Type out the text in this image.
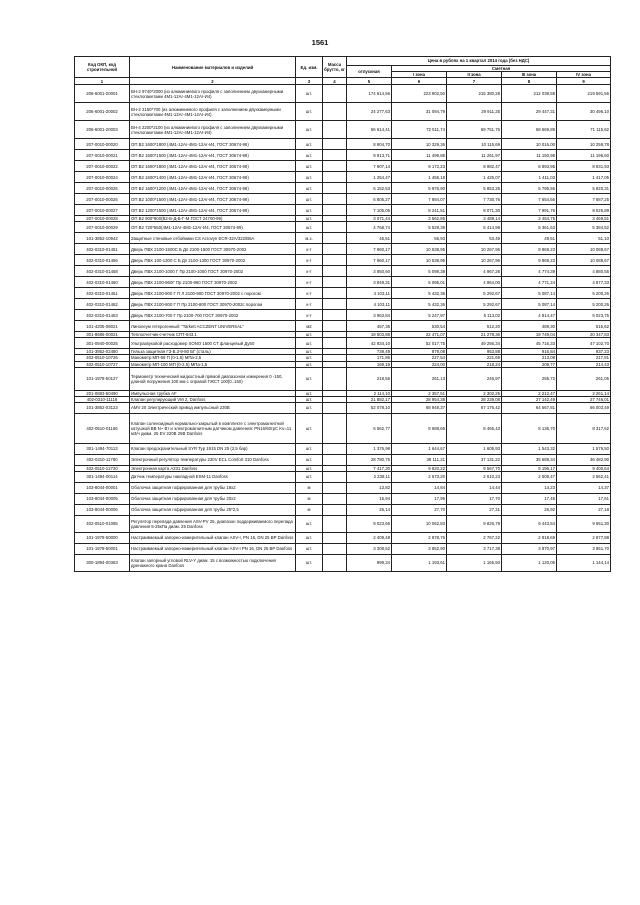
1561
Код ОКП, код строительной	Наименование материалов и изделий	Ед. изм.	Масса брутто, кг	Цена в рублях на 1 квартал 2014 года (без НДС)				
				отпускная	Сметная			
					I зона	II зона	III зона	IV зона
1	2	3	4	5	6	7	8	9
206-6001-20001	ВН-2 9740*2000 (из алюминиевого профиля с заполнением двухкамерными стеклопакетами 4М1-12Ar-4М1-12Ar-И4)	шт.		174 614,56	223 902,50	215 380,28	212 039,58	219 591,56
206-6001-20002	ВН-2 2150*700 (из алюминиевого профиля с заполнением двухкамерными стеклопакетами 4М1-12Ar-4М1-12Ar-И4)	шт.		24 277,63	31 094,79	29 911,25	29 447,31	30 496,10
206-6001-20003	ВН-4 2200*2100 (из алюминиевого профиля с заполнением двухкамерными стеклопакетами 4М1-12Ar-4М1-12Ar-И4)	шт.		56 614,41	72 511,74	69 751,76	68 669,89	71 115,62
207-0010-00020	ОП В2 1600*1800 (4М1-12Ar-4М1-12Ar-И4, ГОСТ 30674-99)	шт.		8 904,70	10 329,36	10 115,69	10 016,00	10 258,78
207-0010-00021	ОП В2 1600*1500 (4М1-12Ar-4М1-12Ar-И4, ГОСТ 30674-99)	шт.		9 913,71	11 499,88	11 261,97	11 150,98	11 196,60
207-0010-00022	ОП В2 1600*1800 (4М1-12Ar-4М1-12Ar-И4, ГОСТ 30674-99)	шт.		7 907,14	9 172,23	8 982,47	8 893,95	8 931,93
207-0010-00024	ОП В2 1600*1400 (4М1-12Ar-4М1-12Ar-И4, ГОСТ 30674-99)	шт.		1 254,47	1 455,18	1 425,07	1 411,03	1 417,05
207-0010-00025	ОП В2 1600*1200 (4М1-12Ar-4М1-12Ar-И4, ГОСТ 30674-99)	шт.		5 152,53	5 976,90	5 853,25	5 795,56	5 820,31
207-0010-00026	ОП В2 1000*1500 (4М1-12Ar-4М1-12Ar-И4, ГОСТ 30674-99)	шт.		6 805,27	7 894,07	7 730,76	7 654,56	7 687,25
207-0010-00027	ОП В2 1200*1500 (4М1-12Ar-4М1-12Ar-И4, ГОСТ 30674-99)	шт.		7 105,05	8 241,51	8 071,30	7 991,76	8 025,89
207-0010-00028	ОП В2 900*900(В2-Б-Д-Б-Г-М ГОСТ 24700-99)	шт.		3 071,44	3 562,85	3 489,14	3 454,75	3 469,51
207-0010-00029	ОП В2 720*550(4М1-12Ar-4М1-12Ar-И4, ГОСТ 30674-99)	шт.		4 768,74	5 529,39	5 414,99	5 361,63	5 384,52
101-3852-10942	Защитные стеновые отбойники CS Acrovyn ECR-32А/322/B6A	м.з.		45,51	56,93	53,49	49,51	51,10
402-0310-01451	Дверь ПВХ 2100-1500С Б Дп 2100-1500 ГОСТ 30970-2002	к-т		7 960,17	10 538,95	10 267,96	9 869,23	10 088,67
402-0310-01456	Дверь ПВХ 100-1300 С Б Дп 2100-1300 ГОСТ 30970-2002	к-т		7 960,17	10 538,95	10 267,96	9 869,23	10 088,67
402-0310-01458	Дверь ПВХ 2100-1000 Г Пр 2100-1000 ГОСТ 30970-2002	к-т		3 850,60	5 098,38	4 967,28	4 774,39	4 880,55
402-0310-01460	Дверь ПВХ 2100-960Г Пр 2100-960 ГОСТ 30970-2002	к-т		3 849,31	5 095,01	4 964,00	4 771,24	4 877,33
402-0310-01461	Дверь ПВХ 2100-900 Г П Л 2100-900 ГОСТ 30970-2002 с порогом	к-т		4 103,11	5 432,36	5 292,67	5 087,14	5 200,26
402-0310-01462	Дверь ПВХ 2100-800 Г П Пр 2100-800 ГОСТ 30970-2002с порогом	к-т		4 103,11	5 432,36	5 292,67	5 087,14	5 200,26
402-0310-01463	Дверь ПВХ 2100-700 Г Пр 2100-700 ГОСТ 30970-2002	к-т		3 963,84	5 247,97	5 113,02	4 914,47	5 023,75
101-4205-08021	Линолеум гетерогенный: "Tarkett ACCZENT UNIVERSAL"	м2		457,35	530,54	512,20	489,30	516,62
301-8686-00021	Теплосчетчик-счетчик СПТ-943.1	шт.		18 503,88	22 471,07	21 278,36	19 749,04	20 347,83
301-0940-00025	Ультразвуковой расходомер SONO 1500 СТ фланцевый Ду50	шт.		42 834,10	52 017,75	49 256,34	45 716,33	47 102,70
101-3862-02480	Гильза защитная ГЗ-Б.3-9-80 БГ (сталь)	шт.		739,49	879,08	953,88	916,84	937,23
402-0510-10726	Манометр МП-69 П (0-1,6) МПа-2,5	шт.		171,86	227,54	221,69	213,08	217,81
402-0510-10727	Манометр МП-100 МП (0-2,5) МПа-1,5	шт.		169,19	224,00	218,24	209,77	214,43
101-1978-50127	Термометр технический жидкостный прямой диапазоном измерения 0 -150, длиной погружения 100 мм с оправой ГЖСТ 100(0..150)	шт.		218,56	261,13	246,97	255,72	261,05
201-0883-50490	Импульсная трубка AF	шт.		2 114,10	2 357,51	2 302,25	2 212,47	2 261,14
402-0310-11118	Клапан регулирующий VM 2, Danfoss	шт.		21 882,17	28 954,38	28 239,08	27 142,49	27 746,01
101-3862-03123	AMV 20 Электрический привод импульсный 230В	шт.		52 078,10	68 948,37	67 176,42	64 567,81	66 003,49
402-0510-01166	Клапан соленоидный нормально-закрытый в комплекте с электромагнитной катушкой BB N~ Вт и электромагнитным датчиком давления: PN16/60грС Kv=11 м3/ч диам. 25 EV 220B 25B Danfoss	шт.		6 562,77	8 688,65	8 465,43	8 136,70	8 317,62
301-1494-70113	Клапан предохранительный SYR Typ 1915 DN 25 (2,5 бар)	шт.		1 376,98	1 644,67	1 605,93	1 543,32	1 576,50
402-0310-11780	Электронный регулятор температуры 230V ECL Comfort 310 Danfoss	шт.		28 780,75	38 111,21	37 131,22	35 689,34	36 482,90
402-0510-12720	Электронная карта A231 Danfoss	шт.		7 417,30	9 820,22	9 567,70	9 196,17	9 400,64
301-1494-00114	Датчик температуры накладной ESM-11 Danfoss	шт.		2 238,11	2 673,20	2 610,23	2 508,47	2 562,41
103-8044-00001	Оболочка защитная гофрированная для трубы 18х2	м		13,82	14,84	14,44	14,23	14,37
103-8044-00005	Оболочка защитная гофрированная для трубы 20х2	м		15,94	17,95	17,70	17,45	17,61
103-8044-00006	Оболочка защитная гофрированная для трубы 25*2,5	м		26,14	27,70	27,31	26,92	27,18
402-0510-01085	Регулятор перепада давления ASV-PV 25, диапазон поддерживаемого перепада давления 5-25кПа диам. 25 Danfoss	шт.		9 023,66	10 062,83	9 826,79	9 443,54	9 651,30
101-1978-50000	Настраиваемый запорно-измерительный клапан ASV-I, PN 16, DN 25 BP Danfoss	шт.		2 409,48	2 878,76	2 767,22	2 818,69	2 877,88
101-1978-50001	Настраиваемый запорно-измерительный клапан ASV-I PN 16, DN 25 BP Danfoss	шт.		3 308,52	3 852,90	3 717,38	3 870,97	3 951,70
300-1894-00363	Клапан запорный угловой RLV-Y диам. 15 с возможностью подключения дренажного крана Danfoss	шт.		999,34	1 193,61	1 165,50	1 120,06	1 144,14
